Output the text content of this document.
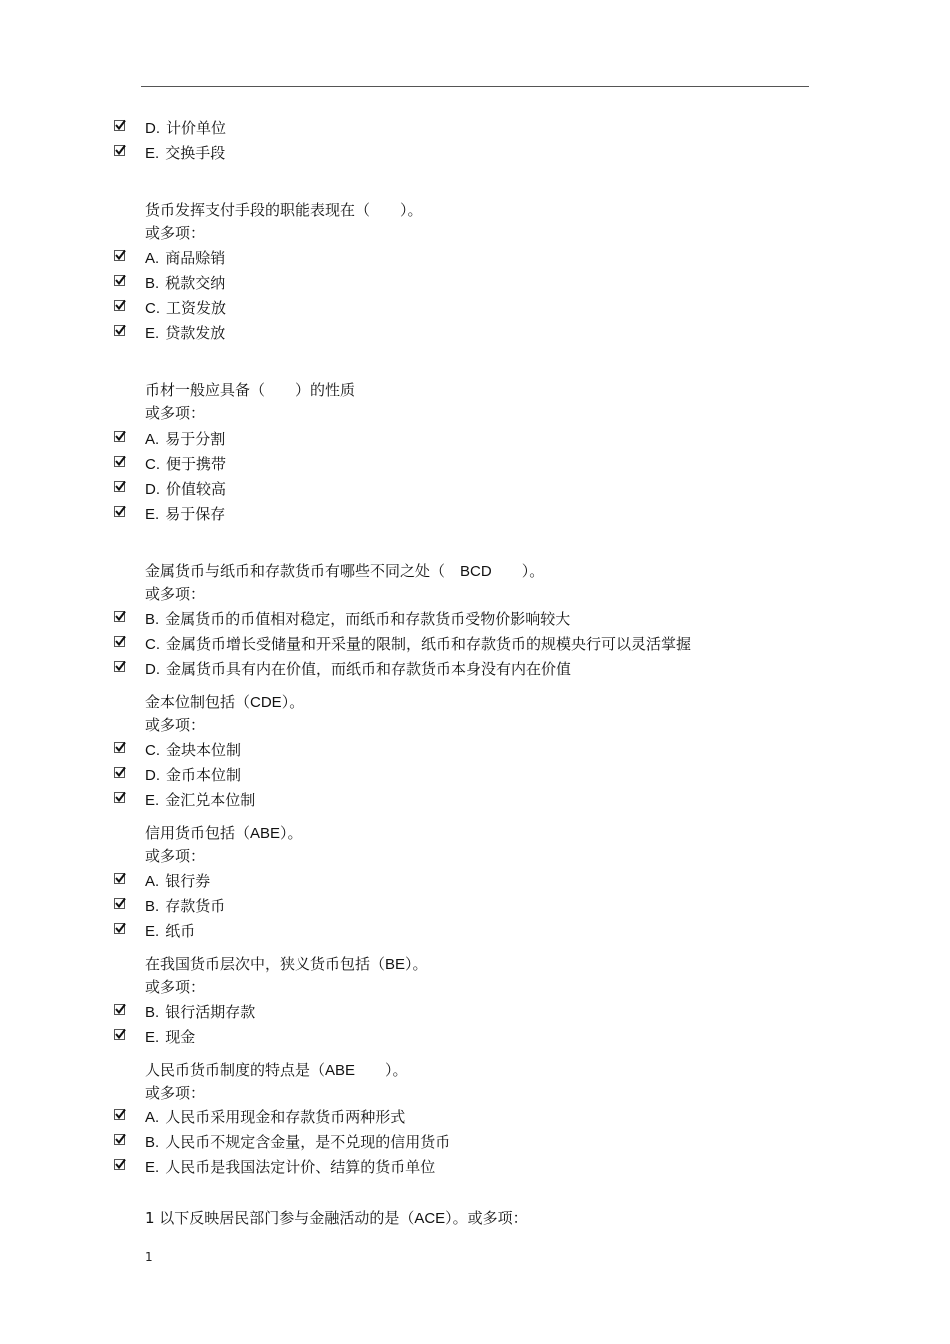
D. 计价单位
E. 交换手段
货币发挥支付手段的职能表现在（　　）。
或多项：
A. 商品赊销
B. 税款交纳
C. 工资发放
E. 贷款发放
币材一般应具备（　　）的性质
或多项：
A. 易于分割
C. 便于携带
D. 价值较高
E. 易于保存
金属货币与纸币和存款货币有哪些不同之处（　BCD　　）。
或多项：
B. 金属货币的币值相对稳定，而纸币和存款货币受物价影响较大
C. 金属货币增长受储量和开采量的限制，纸币和存款货币的规模央行可以灵活掌握
D. 金属货币具有内在价值，而纸币和存款货币本身没有内在价值
金本位制包括（CDE）。
或多项：
C. 金块本位制
D. 金币本位制
E. 金汇兑本位制
信用货币包括（ABE）。
或多项：
A. 银行券
B. 存款货币
E. 纸币
在我国货币层次中，狭义货币包括（BE）。
或多项：
B. 银行活期存款
E. 现金
人民币货币制度的特点是（ABE　　）。
或多项：
A. 人民币采用现金和存款货币两种形式
B. 人民币不规定含金量，是不兑现的信用货币
E. 人民币是我国法定计价、结算的货币单位
1 以下反映居民部门参与金融活动的是（ACE）。或多项：
1
